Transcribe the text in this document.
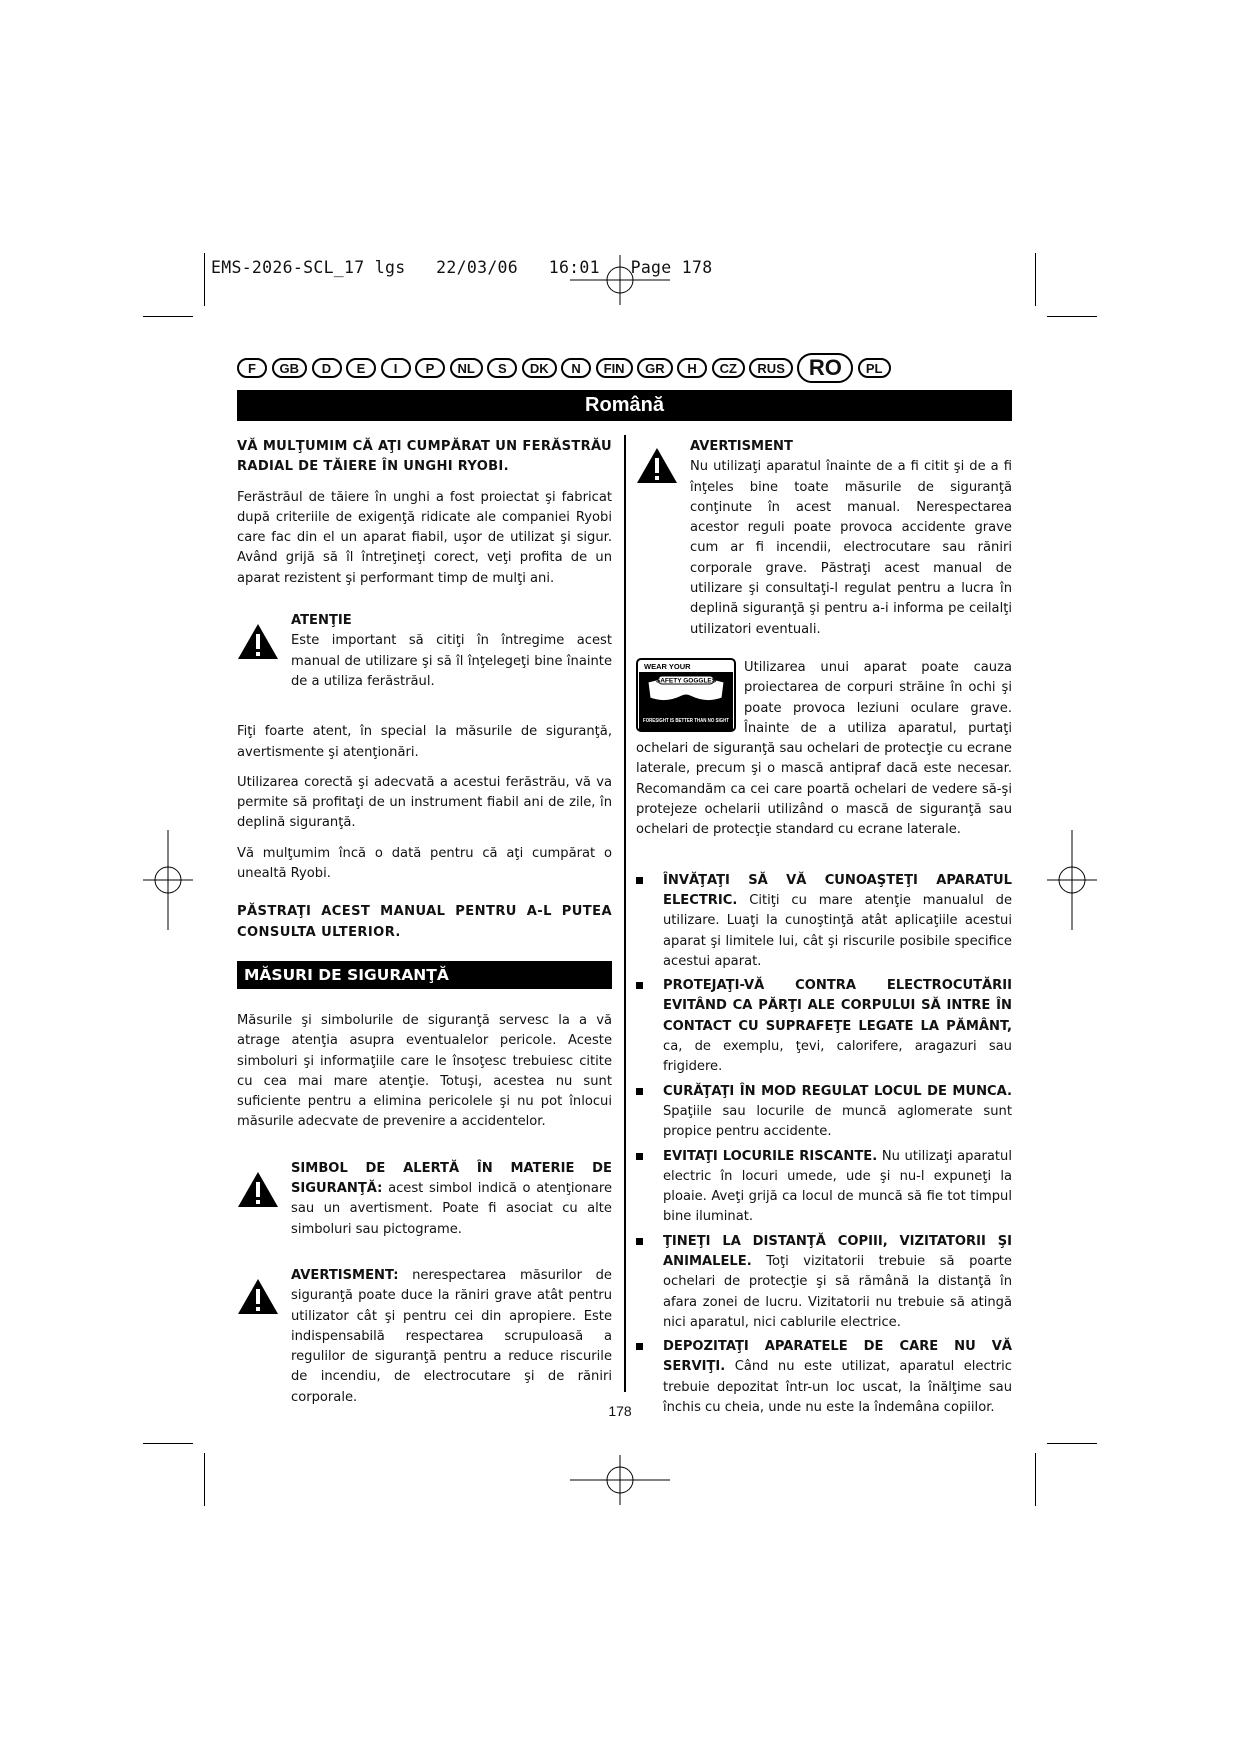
EMS-2026-SCL_17 lgs   22/03/06   16:01   Page 178
F	GB	D	E	I	P	NL	S	DK	N	FIN	GR	H	CZ	RUS	RO	PL
Română

VĂ MULŢUMIM CĂ AŢI CUMPĂRAT UN FERĂSTRĂU RADIAL DE TĂIERE ÎN UNGHI RYOBI.

Ferăstrăul de tăiere în unghi a fost proiectat şi fabricat după criteriile de exigenţă ridicate ale companiei Ryobi care fac din el un aparat fiabil, uşor de utilizat şi sigur. Având grijă să îl întreţineţi corect, veţi profita de un aparat rezistent şi performant timp de mulţi ani.

ATENŢIE
Este important să citiţi în întregime acest manual de utilizare şi să îl înţelegeţi bine înainte de a utiliza ferăstrăul.

Fiţi foarte atent, în special la măsurile de siguranţă, avertismente şi atenţionări.

Utilizarea corectă şi adecvată a acestui ferăstrău, vă va permite să profitaţi de un instrument fiabil ani de zile, în deplină siguranţă.

Vă mulţumim încă o dată pentru că aţi cumpărat o unealtă Ryobi.

PĂSTRAŢI ACEST MANUAL PENTRU A-L PUTEA CONSULTA ULTERIOR.

MĂSURI DE SIGURANŢĂ

Măsurile şi simbolurile de siguranţă servesc la a vă atrage atenţia asupra eventualelor pericole. Aceste simboluri şi informaţiile care le însoţesc trebuiesc citite cu cea mai mare atenţie. Totuşi, acestea nu sunt suficiente pentru a elimina pericolele şi nu pot înlocui măsurile adecvate de prevenire a accidentelor.

SIMBOL DE ALERTĂ ÎN MATERIE DE SIGURANŢĂ: acest simbol indică o atenţionare sau un avertisment. Poate fi asociat cu alte simboluri sau pictograme.
AVERTISMENT: nerespectarea măsurilor de siguranţă poate duce la răniri grave atât pentru utilizator cât şi pentru cei din apropiere. Este indispensabilă respectarea scrupuloasă a regulilor de siguranţă pentru a reduce riscurile de incendiu, de electrocutare şi de răniri corporale.
AVERTISMENT
Nu utilizaţi aparatul înainte de a fi citit şi de a fi înţeles bine toate măsurile de siguranţă conţinute în acest manual. Nerespectarea acestor reguli poate provoca accidente grave cum ar fi incendii, electrocutare sau răniri corporale grave. Păstraţi acest manual de utilizare şi consultaţi-l regulat pentru a lucra în deplină siguranţă şi pentru a-i informa pe ceilalţi utilizatori eventuali.
WEAR YOUR
SAFETY GOGGLES
FORESIGHT IS BETTER THAN NO SIGHT
Utilizarea unui aparat poate cauza proiectarea de corpuri străine în ochi şi poate provoca leziuni oculare grave. Înainte de a utiliza aparatul, purtaţi ochelari de siguranţă sau ochelari de protecţie cu ecrane laterale, precum şi o mască antipraf dacă este necesar. Recomandăm ca cei care poartă ochelari de vedere să-şi protejeze ochelarii utilizând o mască de siguranţă sau ochelari de protecţie standard cu ecrane laterale.
ÎNVĂŢAŢI SĂ VĂ CUNOAŞTEŢI APARATUL ELECTRIC. Citiţi cu mare atenţie manualul de utilizare. Luaţi la cunoştinţă atât aplicaţiile acestui aparat şi limitele lui, cât şi riscurile posibile specifice acestui aparat.
PROTEJAŢI-VĂ CONTRA ELECTROCUTĂRII EVITÂND CA PĂRŢI ALE CORPULUI SĂ INTRE ÎN CONTACT CU SUPRAFEŢE LEGATE LA PĂMÂNT, ca, de exemplu, ţevi, calorifere, aragazuri sau frigidere.
CURĂŢAŢI ÎN MOD REGULAT LOCUL DE MUNCA. Spaţiile sau locurile de muncă aglomerate sunt propice pentru accidente.
EVITAŢI LOCURILE RISCANTE. Nu utilizaţi aparatul electric în locuri umede, ude şi nu-l expuneţi la ploaie. Aveţi grijă ca locul de muncă să fie tot timpul bine iluminat.
ŢINEŢI LA DISTANŢĂ COPIII, VIZITATORII ŞI ANIMALELE. Toţi vizitatorii trebuie să poarte ochelari de protecţie şi să rămână la distanţă în afara zonei de lucru. Vizitatorii nu trebuie să atingă nici aparatul, nici cablurile electrice.
DEPOZITAŢI APARATELE DE CARE NU VĂ SERVIŢI. Când nu este utilizat, aparatul electric trebuie depozitat într-un loc uscat, la înălţime sau închis cu cheia, unde nu este la îndemâna copiilor.
178
